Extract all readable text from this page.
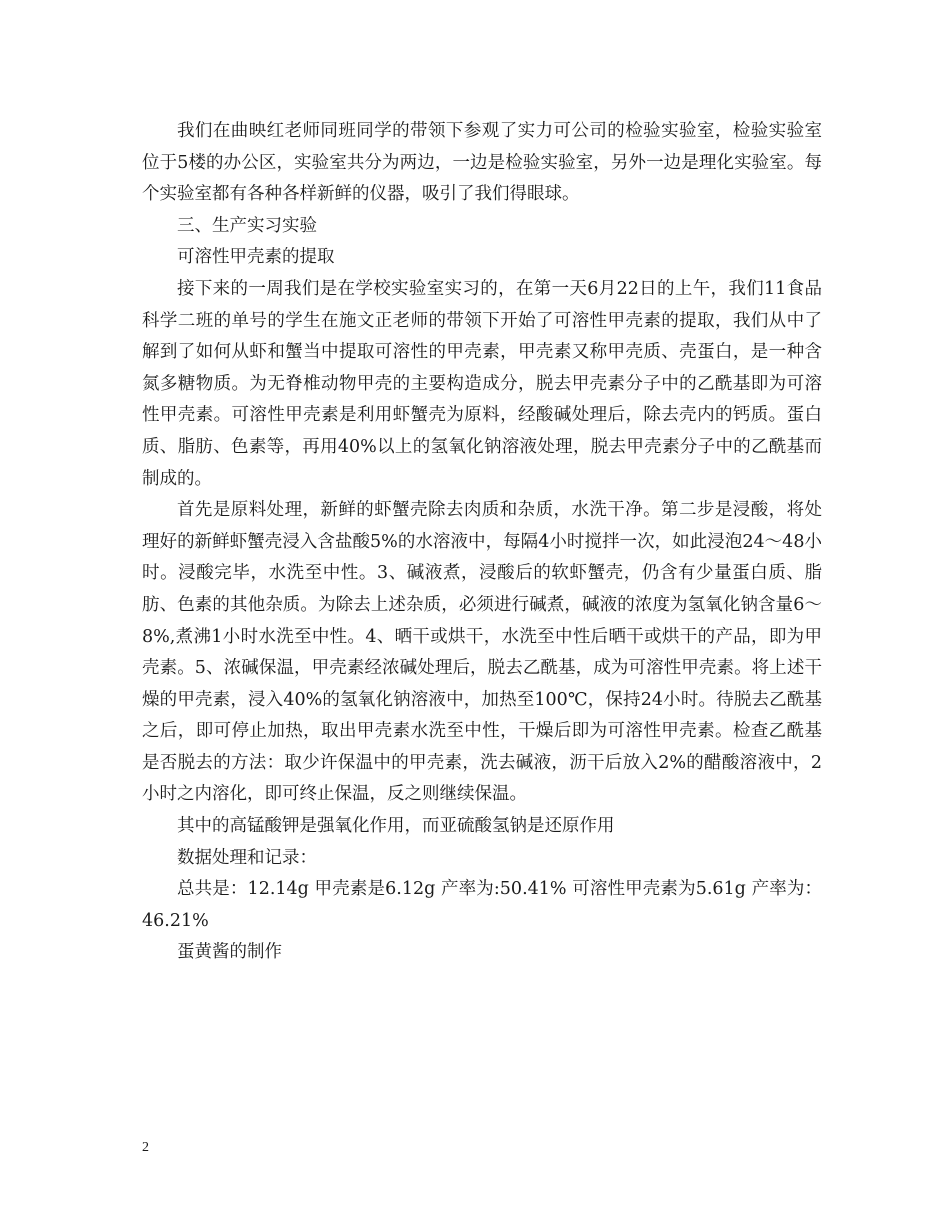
我们在曲映红老师同班同学的带领下参观了实力可公司的检验实验室，检验实验室位于5楼的办公区，实验室共分为两边，一边是检验实验室，另外一边是理化实验室。每个实验室都有各种各样新鲜的仪器，吸引了我们得眼球。

三、生产实习实验

可溶性甲壳素的提取

接下来的一周我们是在学校实验室实习的，在第一天6月22日的上午，我们11食品科学二班的单号的学生在施文正老师的带领下开始了可溶性甲壳素的提取，我们从中了解到了如何从虾和蟹当中提取可溶性的甲壳素，甲壳素又称甲壳质、壳蛋白，是一种含氮多糖物质。为无脊椎动物甲壳的主要构造成分，脱去甲壳素分子中的乙酰基即为可溶性甲壳素。可溶性甲壳素是利用虾蟹壳为原料，经酸碱处理后，除去壳内的钙质。蛋白质、脂肪、色素等，再用40%以上的氢氧化钠溶液处理，脱去甲壳素分子中的乙酰基而制成的。

首先是原料处理，新鲜的虾蟹壳除去肉质和杂质，水洗干净。第二步是浸酸，将处理好的新鲜虾蟹壳浸入含盐酸5%的水溶液中，每隔4小时搅拌一次，如此浸泡24～48小时。浸酸完毕，水洗至中性。3、碱液煮，浸酸后的软虾蟹壳，仍含有少量蛋白质、脂肪、色素的其他杂质。为除去上述杂质，必须进行碱煮，碱液的浓度为氢氧化钠含量6～8%,煮沸1小时水洗至中性。4、晒干或烘干，水洗至中性后晒干或烘干的产品，即为甲壳素。5、浓碱保温，甲壳素经浓碱处理后，脱去乙酰基，成为可溶性甲壳素。将上述干燥的甲壳素，浸入40%的氢氧化钠溶液中，加热至100℃，保持24小时。待脱去乙酰基之后，即可停止加热，取出甲壳素水洗至中性，干燥后即为可溶性甲壳素。检查乙酰基是否脱去的方法：取少许保温中的甲壳素，洗去碱液，沥干后放入2%的醋酸溶液中，2小时之内溶化，即可终止保温，反之则继续保温。

其中的高锰酸钾是强氧化作用，而亚硫酸氢钠是还原作用

数据处理和记录：

总共是：12.14g 甲壳素是6.12g 产率为:50.41% 可溶性甲壳素为5.61g 产率为：46.21%

蛋黄酱的制作

2
